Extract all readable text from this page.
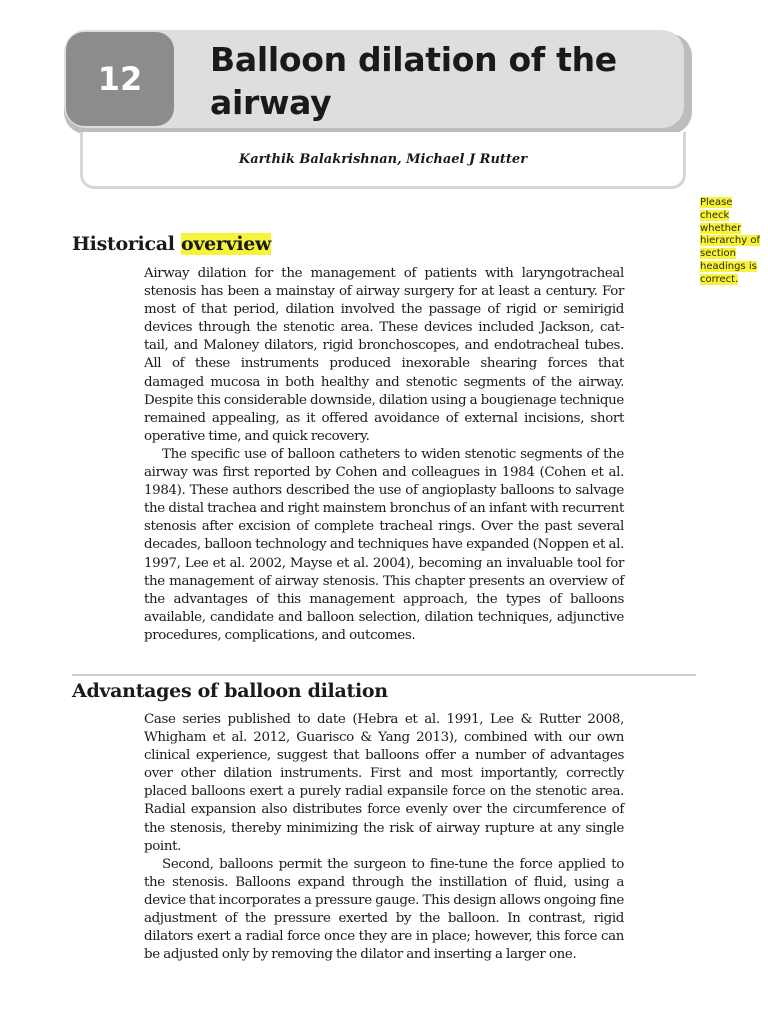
12 Balloon dilation of the airway
Karthik Balakrishnan, Michael J Rutter
Please check whether hierarchy of section headings is correct.
Historical overview

Airway dilation for the management of patients with laryngotracheal stenosis has been a mainstay of airway surgery for at least a century. For most of that period, dilation involved the passage of rigid or semirigid devices through the stenotic area. These devices included Jackson, cat-tail, and Maloney dilators, rigid bronchoscopes, and endotracheal tubes. All of these instruments produced inexorable shearing forces that damaged mucosa in both healthy and stenotic segments of the airway. Despite this considerable downside, dilation using a bougienage technique remained appealing, as it offered avoidance of external incisions, short operative time, and quick recovery.

The specific use of balloon catheters to widen stenotic segments of the airway was first reported by Cohen and colleagues in 1984 (Cohen et al. 1984). These authors described the use of angioplasty balloons to salvage the distal trachea and right mainstem bronchus of an infant with recurrent stenosis after excision of complete tracheal rings. Over the past several decades, balloon technology and techniques have expanded (Noppen et al. 1997, Lee et al. 2002, Mayse et al. 2004), becoming an invaluable tool for the management of airway stenosis. This chapter presents an overview of the advantages of this management approach, the types of balloons available, candidate and balloon selection, dilation techniques, adjunctive procedures, complications, and outcomes.

Advantages of balloon dilation

Case series published to date (Hebra et al. 1991, Lee & Rutter 2008, Whigham et al. 2012, Guarisco & Yang 2013), combined with our own clinical experience, suggest that balloons offer a number of advantages over other dilation instruments. First and most importantly, correctly placed balloons exert a purely radial expansile force on the stenotic area. Radial expansion also distributes force evenly over the circumference of the stenosis, thereby minimizing the risk of airway rupture at any single point.

Second, balloons permit the surgeon to fine-tune the force applied to the stenosis. Balloons expand through the instillation of fluid, using a device that incorporates a pressure gauge. This design allows ongoing fine adjustment of the pressure exerted by the balloon. In contrast, rigid dilators exert a radial force once they are in place; however, this force can be adjusted only by removing the dilator and inserting a larger one.
